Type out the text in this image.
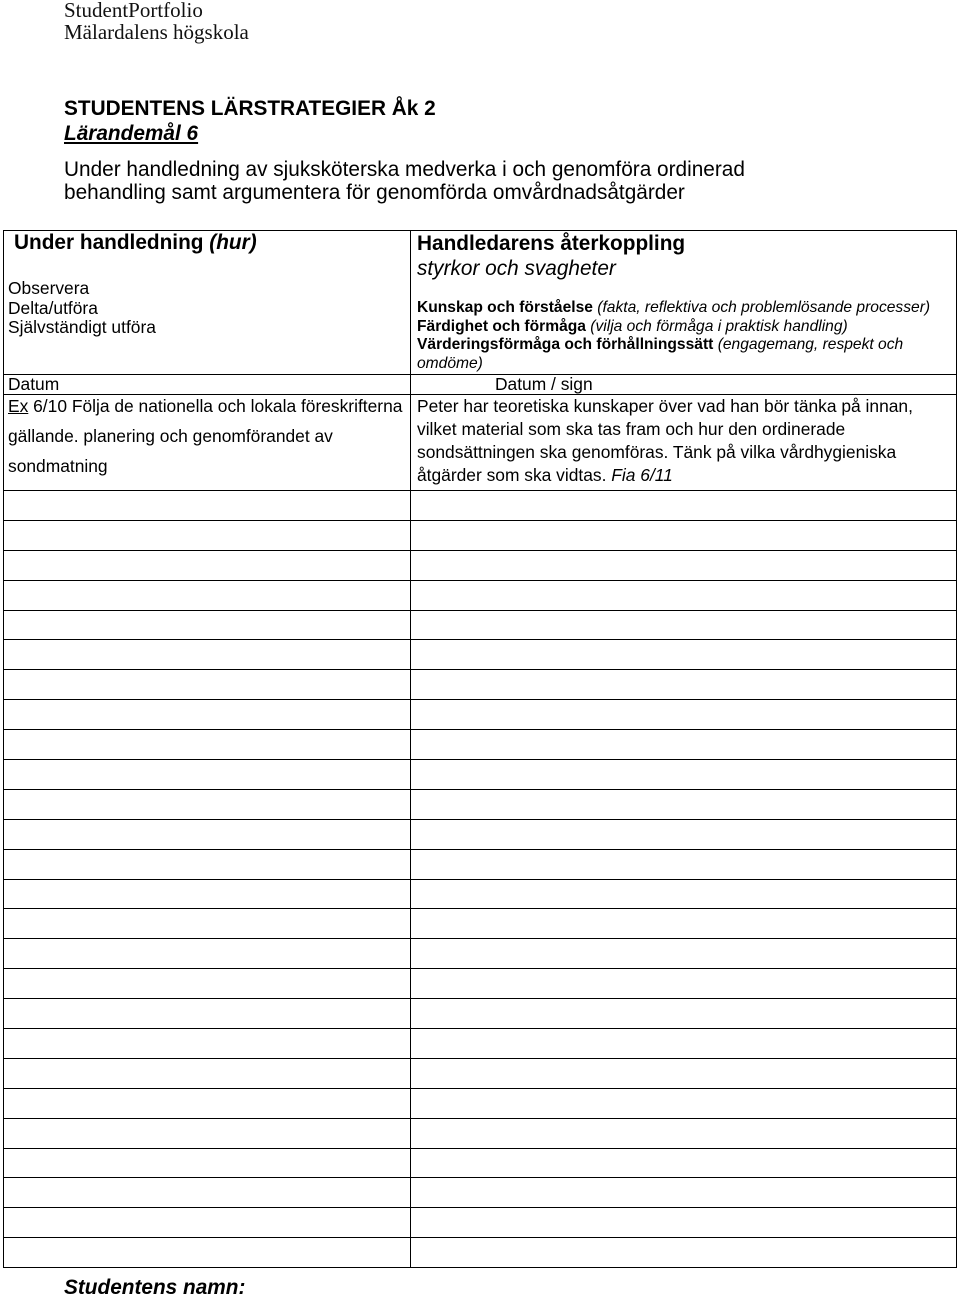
StudentPortfolio
Mälardalens högskola
STUDENTENS LÄRSTRATEGIER Åk 2
Lärandemål 6
Under handledning av sjuksköterska medverka i och genomföra ordinerad
behandling samt argumentera för genomförda omvårdnadsåtgärder
Under handledning (hur)
Observera
Delta/utföra
Självständigt utföra
Handledarens återkoppling
styrkor och svagheter
Kunskap och förståelse (fakta, reflektiva och problemlösande processer)
Färdighet och förmåga (vilja och förmåga i praktisk handling)
Värderingsförmåga och förhållningssätt (engagemang, respekt och
omdöme)
Datum	Datum / sign
Ex 6/10 Följa de nationella och lokala föreskrifterna
gällande. planering och genomförandet av
sondmatning
Peter har teoretiska kunskaper över vad han bör tänka på innan,
vilket material som ska tas fram och hur den ordinerade
sondsättningen ska genomföras. Tänk på vilka vårdhygieniska
åtgärder som ska vidtas. Fia 6/11
Studentens namn:
